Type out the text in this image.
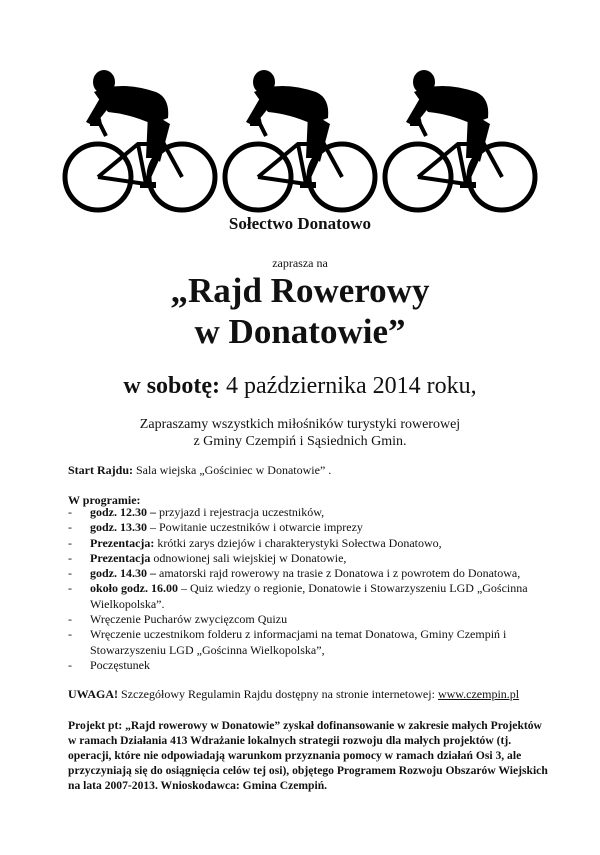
Sołectwo Donatowo
zaprasza na
„Rajd Rowerowy
w Donatowie”
w sobotę: 4 października 2014 roku,
Zapraszamy wszystkich miłośników turystyki rowerowej
z Gminy Czempiń i Sąsiednich Gmin.
Start Rajdu: Sala wiejska „Gościniec w Donatowie” .
W programie:
- godz. 12.30 – przyjazd i rejestracja uczestników,
- godz. 13.30 – Powitanie uczestników i otwarcie imprezy
- Prezentacja: krótki zarys dziejów i charakterystyki Sołectwa Donatowo,
- Prezentacja odnowionej sali wiejskiej w Donatowie,
- godz. 14.30 – amatorski rajd rowerowy na trasie z Donatowa i z powrotem do Donatowa,
- około godz. 16.00 – Quiz wiedzy o regionie, Donatowie i Stowarzyszeniu LGD „Gościnna Wielkopolska”.
- Wręczenie Pucharów zwycięzcom Quizu
- Wręczenie uczestnikom folderu z informacjami na temat Donatowa, Gminy Czempiń i Stowarzyszeniu LGD „Gościnna Wielkopolska”,
- Poczęstunek
UWAGA! Szczegółowy Regulamin Rajdu dostępny na stronie internetowej: www.czempin.pl
Projekt pt: „Rajd rowerowy w Donatowie” zyskał dofinansowanie w zakresie małych Projektów w ramach Działania 413 Wdrażanie lokalnych strategii rozwoju dla małych projektów (tj. operacji, które nie odpowiadają warunkom przyznania pomocy w ramach działań Osi 3, ale przyczyniają się do osiągnięcia celów tej osi), objętego Programem Rozwoju Obszarów Wiejskich na lata 2007-2013. Wnioskodawca: Gmina Czempiń.
